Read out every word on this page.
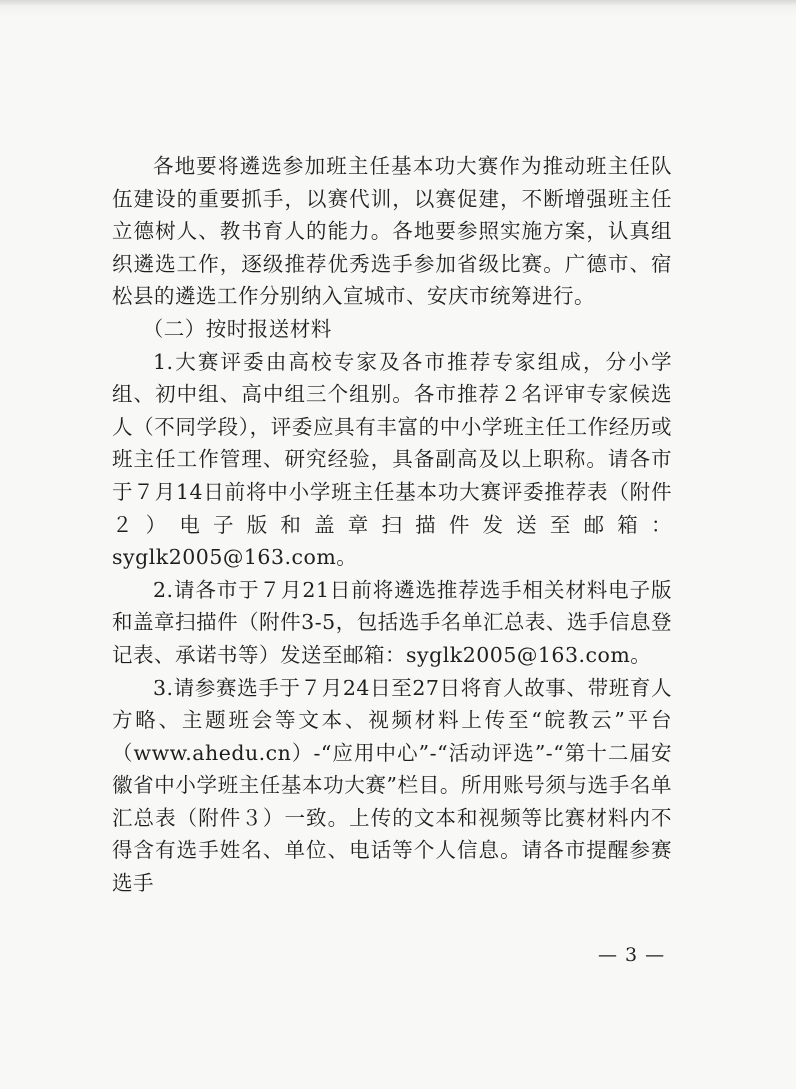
各地要将遴选参加班主任基本功大赛作为推动班主任队伍建设的重要抓手，以赛代训，以赛促建，不断增强班主任立德树人、教书育人的能力。各地要参照实施方案，认真组织遴选工作，逐级推荐优秀选手参加省级比赛。广德市、宿松县的遴选工作分别纳入宣城市、安庆市统筹进行。

（二）按时报送材料

1.大赛评委由高校专家及各市推荐专家组成，分小学组、初中组、高中组三个组别。各市推荐２名评审专家候选人（不同学段），评委应具有丰富的中小学班主任工作经历或班主任工作管理、研究经验，具备副高及以上职称。请各市于７月14日前将中小学班主任基本功大赛评委推荐表（附件２）电子版和盖章扫描件发送至邮箱：syglk2005@163.com。

2.请各市于７月21日前将遴选推荐选手相关材料电子版和盖章扫描件（附件3-5，包括选手名单汇总表、选手信息登记表、承诺书等）发送至邮箱：syglk2005@163.com。

3.请参赛选手于７月24日至27日将育人故事、带班育人方略、主题班会等文本、视频材料上传至“皖教云”平台（www.ahedu.cn）-“应用中心”-“活动评选”-“第十二届安徽省中小学班主任基本功大赛”栏目。所用账号须与选手名单汇总表（附件３）一致。上传的文本和视频等比赛材料内不得含有选手姓名、单位、电话等个人信息。请各市提醒参赛选手

— 3 —
